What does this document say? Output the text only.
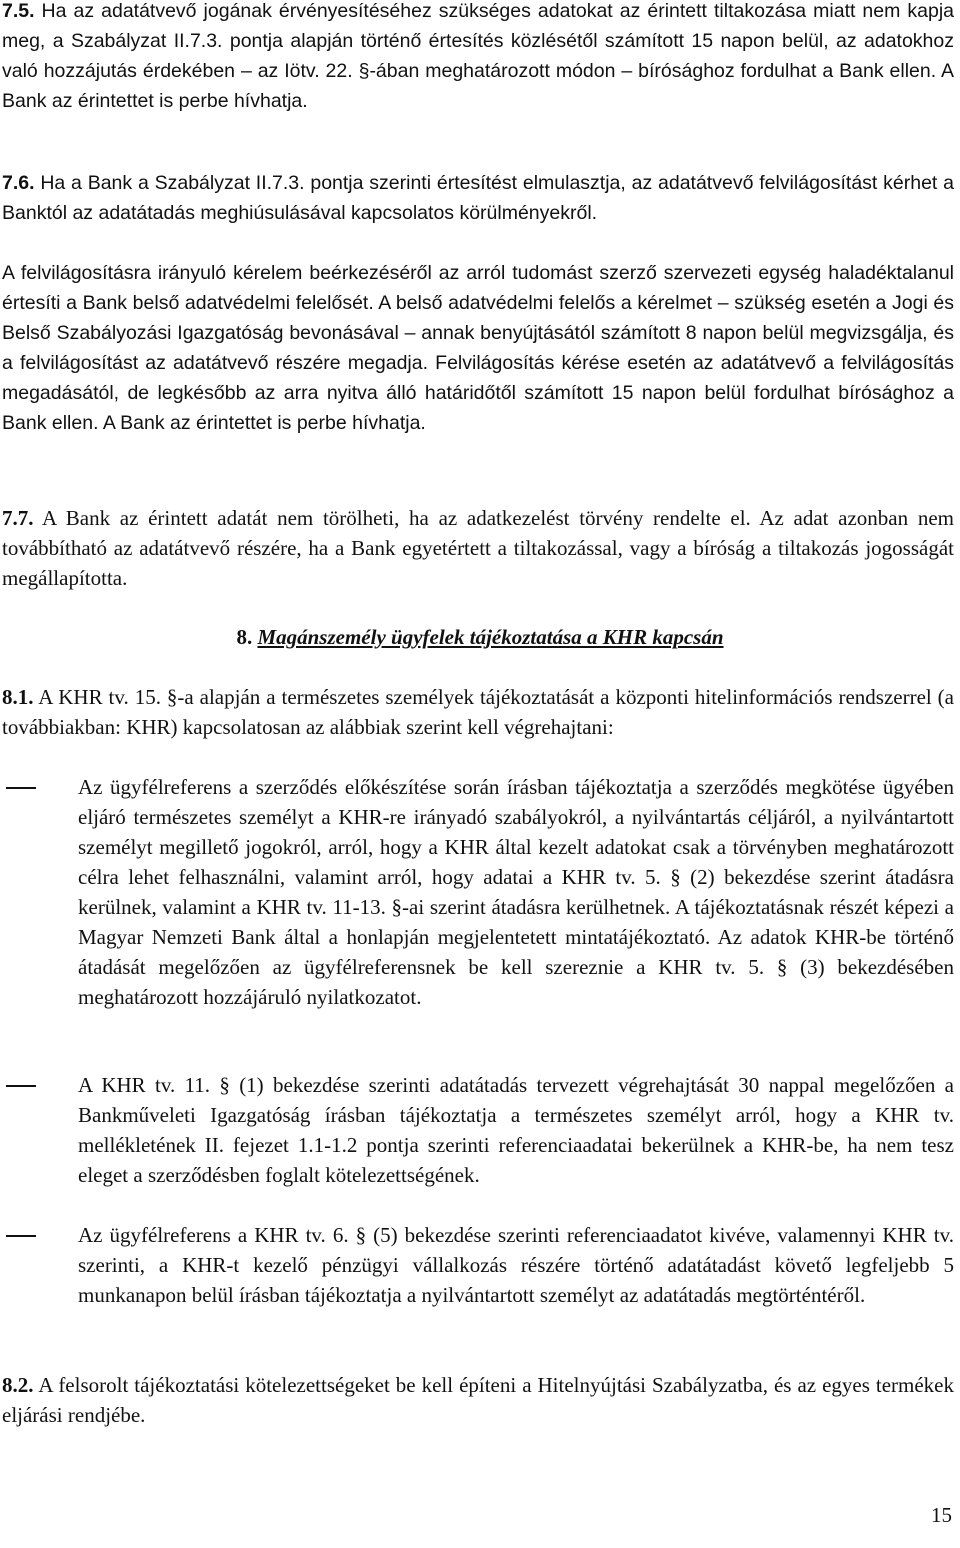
7.5. Ha az adatátvevő jogának érvényesítéséhez szükséges adatokat az érintett tiltakozása miatt nem kapja meg, a Szabályzat II.7.3. pontja alapján történő értesítés közlésétől számított 15 napon belül, az adatokhoz való hozzájutás érdekében – az Iötv. 22. §-ában meghatározott módon – bírósághoz fordulhat a Bank ellen. A Bank az érintettet is perbe hívhatja.

7.6. Ha a Bank a Szabályzat II.7.3. pontja szerinti értesítést elmulasztja, az adatátvevő felvilágosítást kérhet a Banktól az adatátadás meghiúsulásával kapcsolatos körülményekről.

A felvilágosításra irányuló kérelem beérkezéséről az arról tudomást szerző szervezeti egység haladéktalanul értesíti a Bank belső adatvédelmi felelősét. A belső adatvédelmi felelős a kérelmet – szükség esetén a Jogi és Belső Szabályozási Igazgatóság bevonásával – annak benyújtásától számított 8 napon belül megvizsgálja, és a felvilágosítást az adatátvevő részére megadja. Felvilágosítás kérése esetén az adatátvevő a felvilágosítás megadásától, de legkésőbb az arra nyitva álló határidőtől számított 15 napon belül fordulhat bírósághoz a Bank ellen. A Bank az érintettet is perbe hívhatja.

7.7. A Bank az érintett adatát nem törölheti, ha az adatkezelést törvény rendelte el. Az adat azonban nem továbbítható az adatátvevő részére, ha a Bank egyetértett a tiltakozással, vagy a bíróság a tiltakozás jogosságát megállapította.

8. Magánszemély ügyfelek tájékoztatása a KHR kapcsán

8.1. A KHR tv. 15. §-a alapján a természetes személyek tájékoztatását a központi hitelinformációs rendszerrel (a továbbiakban: KHR) kapcsolatosan az alábbiak szerint kell végrehajtani:

Az ügyfélreferens a szerződés előkészítése során írásban tájékoztatja a szerződés megkötése ügyében eljáró természetes személyt a KHR-re irányadó szabályokról, a nyilvántartás céljáról, a nyilvántartott személyt megillető jogokról, arról, hogy a KHR által kezelt adatokat csak a törvényben meghatározott célra lehet felhasználni, valamint arról, hogy adatai a KHR tv. 5. § (2) bekezdése szerint átadásra kerülnek, valamint a KHR tv. 11-13. §-ai szerint átadásra kerülhetnek. A tájékoztatásnak részét képezi a Magyar Nemzeti Bank által a honlapján megjelentetett mintatájékoztató. Az adatok KHR-be történő átadását megelőzően az ügyfélreferensnek be kell szereznie a KHR tv. 5. § (3) bekezdésében meghatározott hozzájáruló nyilatkozatot.
A KHR tv. 11. § (1) bekezdése szerinti adatátadás tervezett végrehajtását 30 nappal megelőzően a Bankműveleti Igazgatóság írásban tájékoztatja a természetes személyt arról, hogy a KHR tv. mellékletének II. fejezet 1.1-1.2 pontja szerinti referenciaadatai bekerülnek a KHR-be, ha nem tesz eleget a szerződésben foglalt kötelezettségének.
Az ügyfélreferens a KHR tv. 6. § (5) bekezdése szerinti referenciaadatot kivéve, valamennyi KHR tv. szerinti, a KHR-t kezelő pénzügyi vállalkozás részére történő adatátadást követő legfeljebb 5 munkanapon belül írásban tájékoztatja a nyilvántartott személyt az adatátadás megtörténtéről.

8.2. A felsorolt tájékoztatási kötelezettségeket be kell építeni a Hitelnyújtási Szabályzatba, és az egyes termékek eljárási rendjébe.

15
